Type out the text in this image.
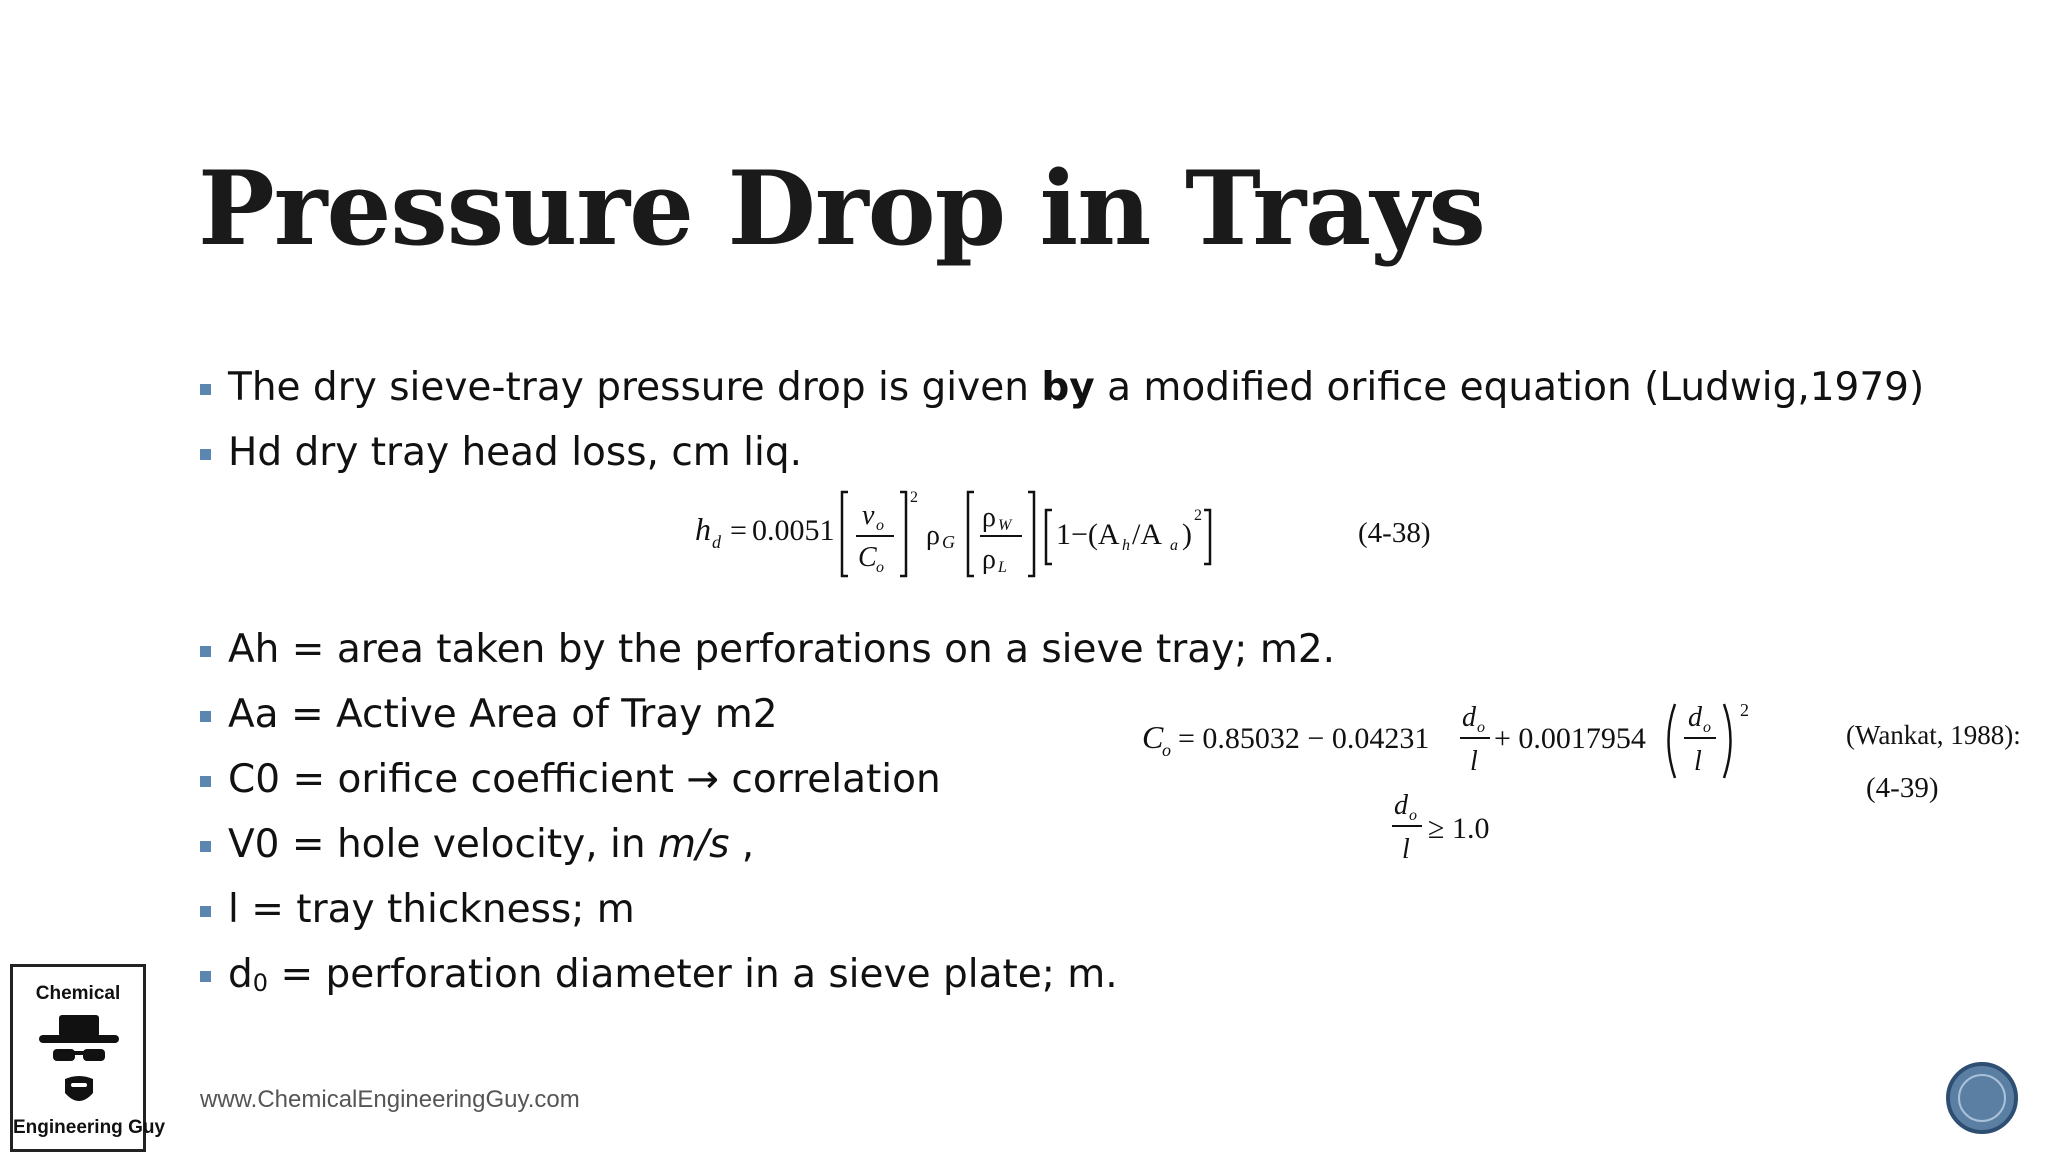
Pressure Drop in Trays
The dry sieve-tray pressure drop is given by a modified orifice equation (Ludwig,1979)
Hd dry tray head loss, cm liq.
Ah = area taken by the perforations on a sieve tray; m2.
Aa = Active Area of Tray m2
C0 = orifice coefficient → correlation
V0 = hole velocity, in m/s ,
l = tray thickness; m
$d_0$ = perforation diameter in a sieve plate; m.
h d = 0.0051 v o
C o
2
ρ G
ρ W
ρ L
1−(A h /A a )
2
(4-38)
C
o = 0.85032 − 0.04231
d o
l
+ 0.0017954
d o
l
2
d o
l
≥ 1.0
(Wankat, 1988):
(4-39)
www.ChemicalEngineeringGuy.com
Chemical
Engineering Guy
